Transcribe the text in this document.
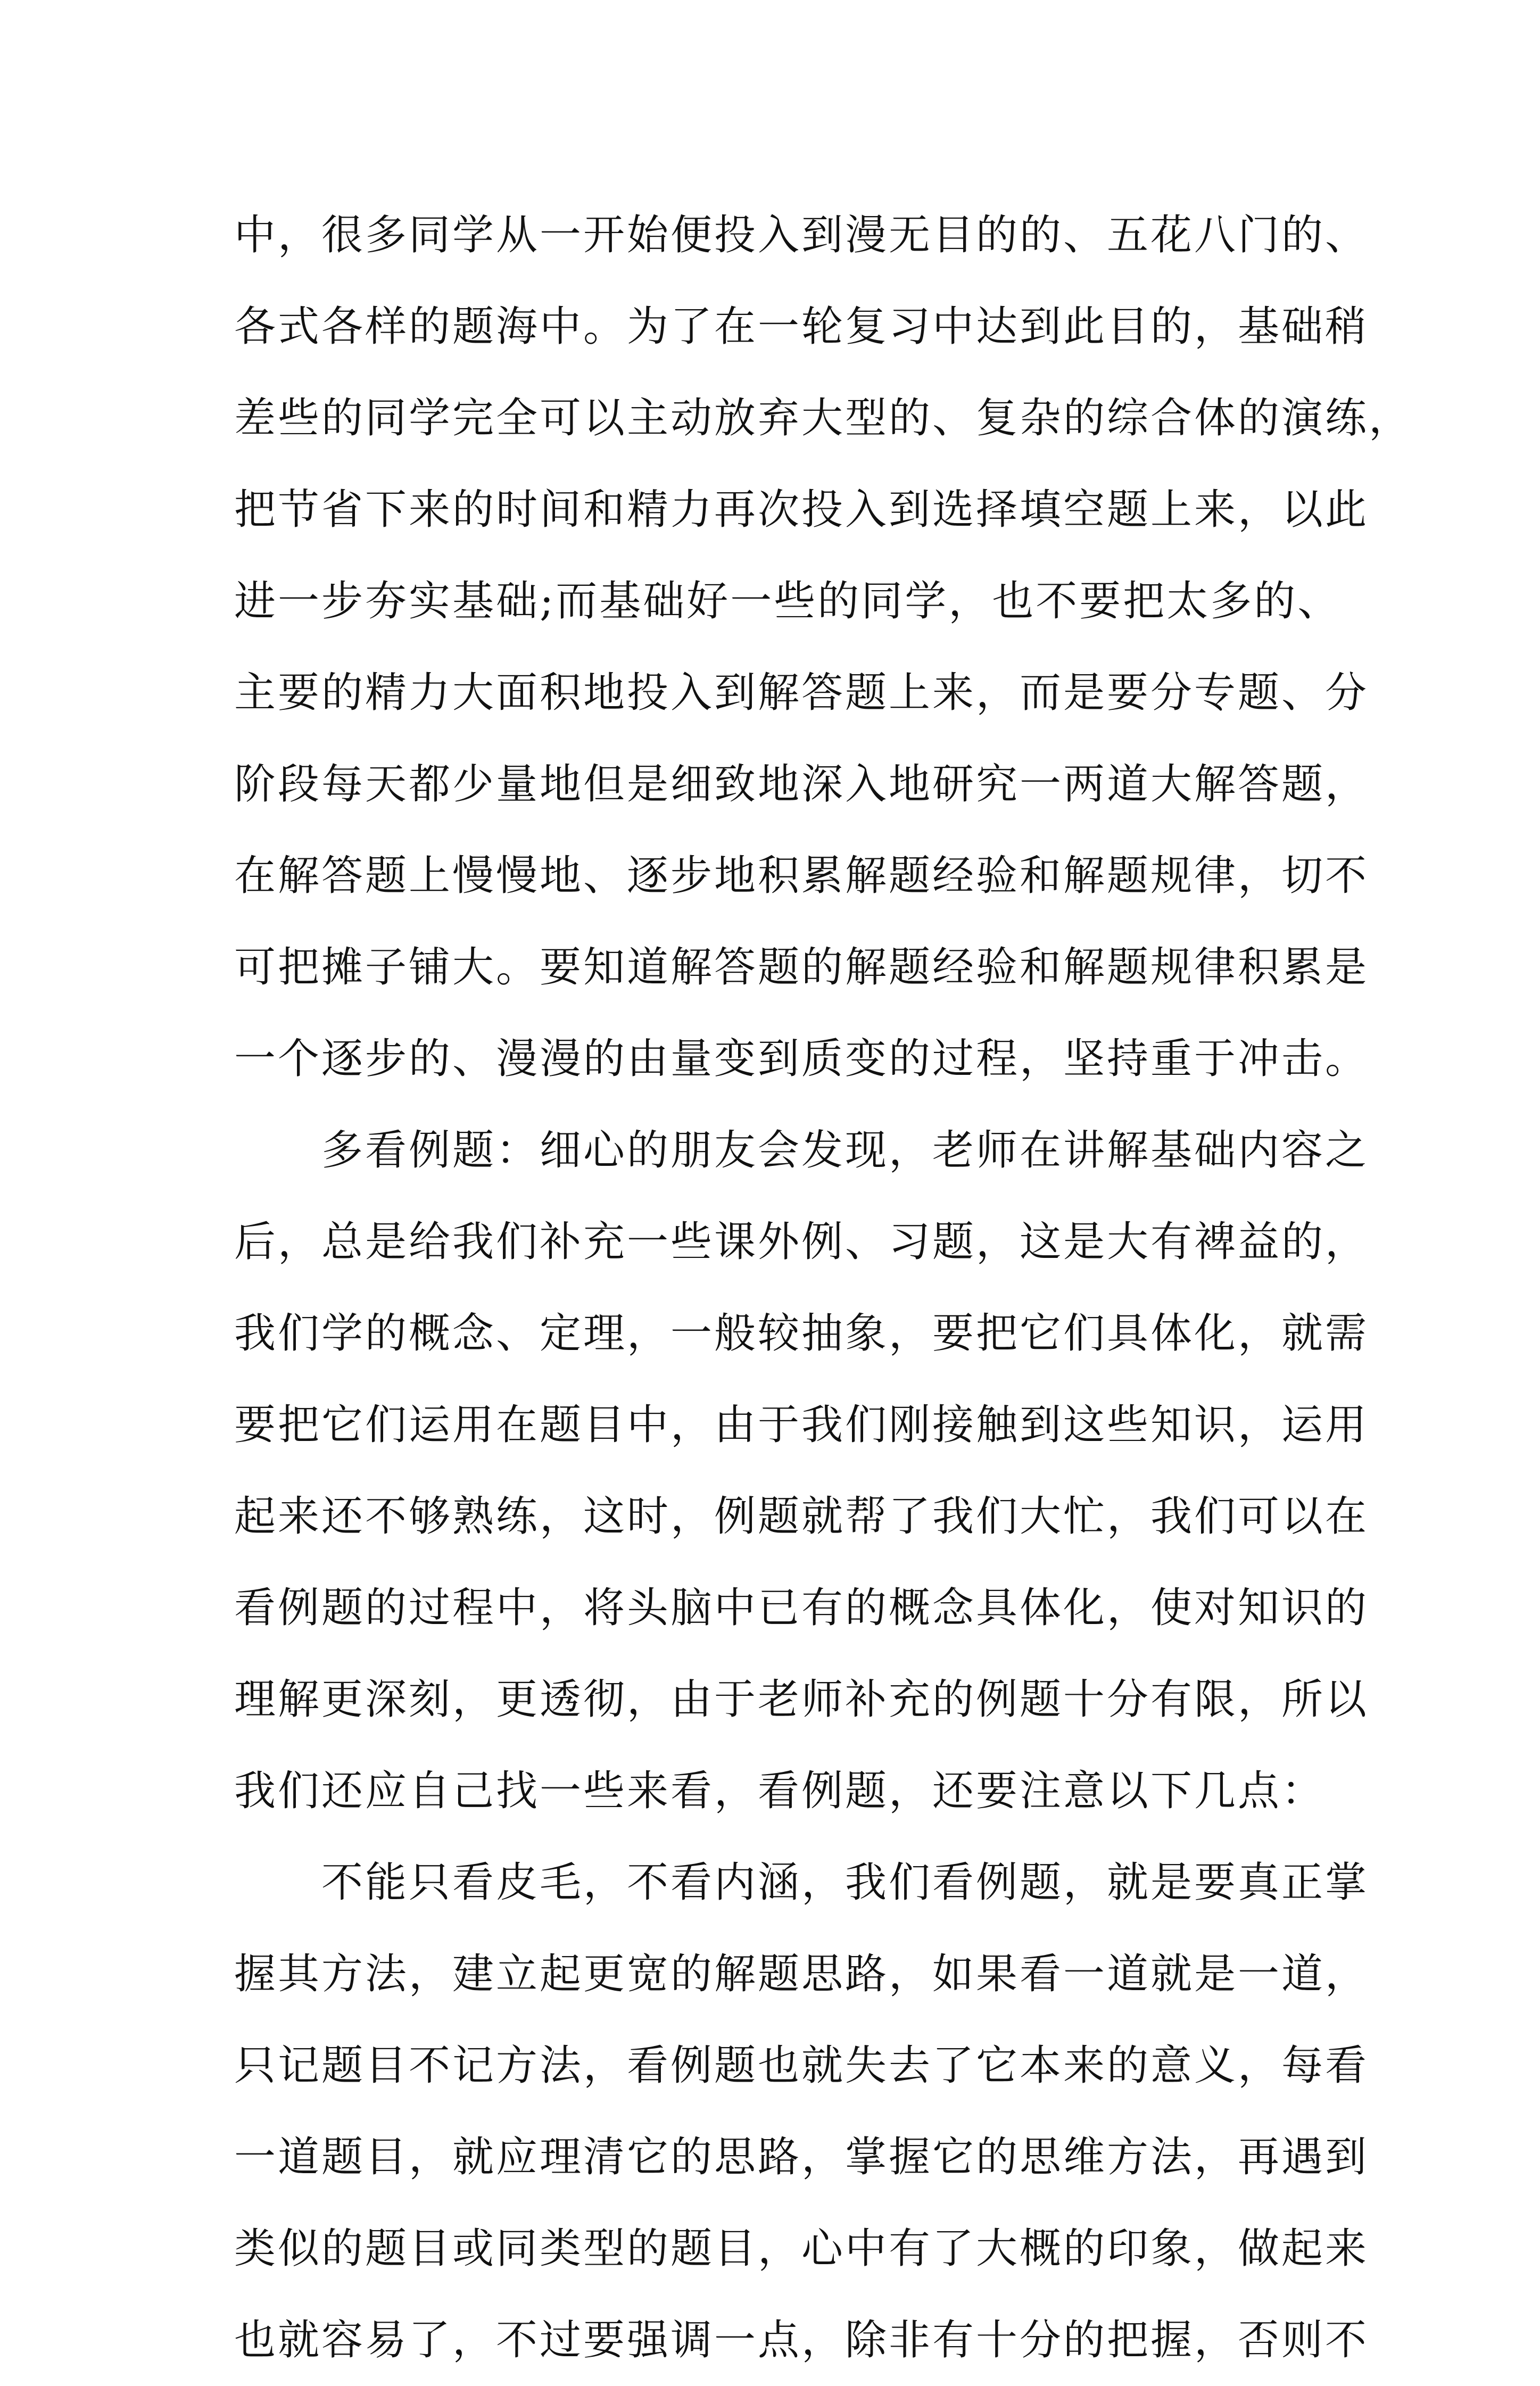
中，很多同学从一开始便投入到漫无目的的、五花八门的、
各式各样的题海中。为了在一轮复习中达到此目的，基础稍
差些的同学完全可以主动放弃大型的、复杂的综合体的演练，
把节省下来的时间和精力再次投入到选择填空题上来，以此
进一步夯实基础;而基础好一些的同学，也不要把太多的、
主要的精力大面积地投入到解答题上来，而是要分专题、分
阶段每天都少量地但是细致地深入地研究一两道大解答题，
在解答题上慢慢地、逐步地积累解题经验和解题规律，切不
可把摊子铺大。要知道解答题的解题经验和解题规律积累是
一个逐步的、漫漫的由量变到质变的过程，坚持重于冲击。
　　多看例题：细心的朋友会发现，老师在讲解基础内容之
后，总是给我们补充一些课外例、习题，这是大有裨益的，
我们学的概念、定理，一般较抽象，要把它们具体化，就需
要把它们运用在题目中，由于我们刚接触到这些知识，运用
起来还不够熟练，这时，例题就帮了我们大忙，我们可以在
看例题的过程中，将头脑中已有的概念具体化，使对知识的
理解更深刻，更透彻，由于老师补充的例题十分有限，所以
我们还应自己找一些来看，看例题，还要注意以下几点：
　　不能只看皮毛，不看内涵，我们看例题，就是要真正掌
握其方法，建立起更宽的解题思路，如果看一道就是一道，
只记题目不记方法，看例题也就失去了它本来的意义，每看
一道题目，就应理清它的思路，掌握它的思维方法，再遇到
类似的题目或同类型的题目，心中有了大概的印象，做起来
也就容易了，不过要强调一点，除非有十分的把握，否则不
